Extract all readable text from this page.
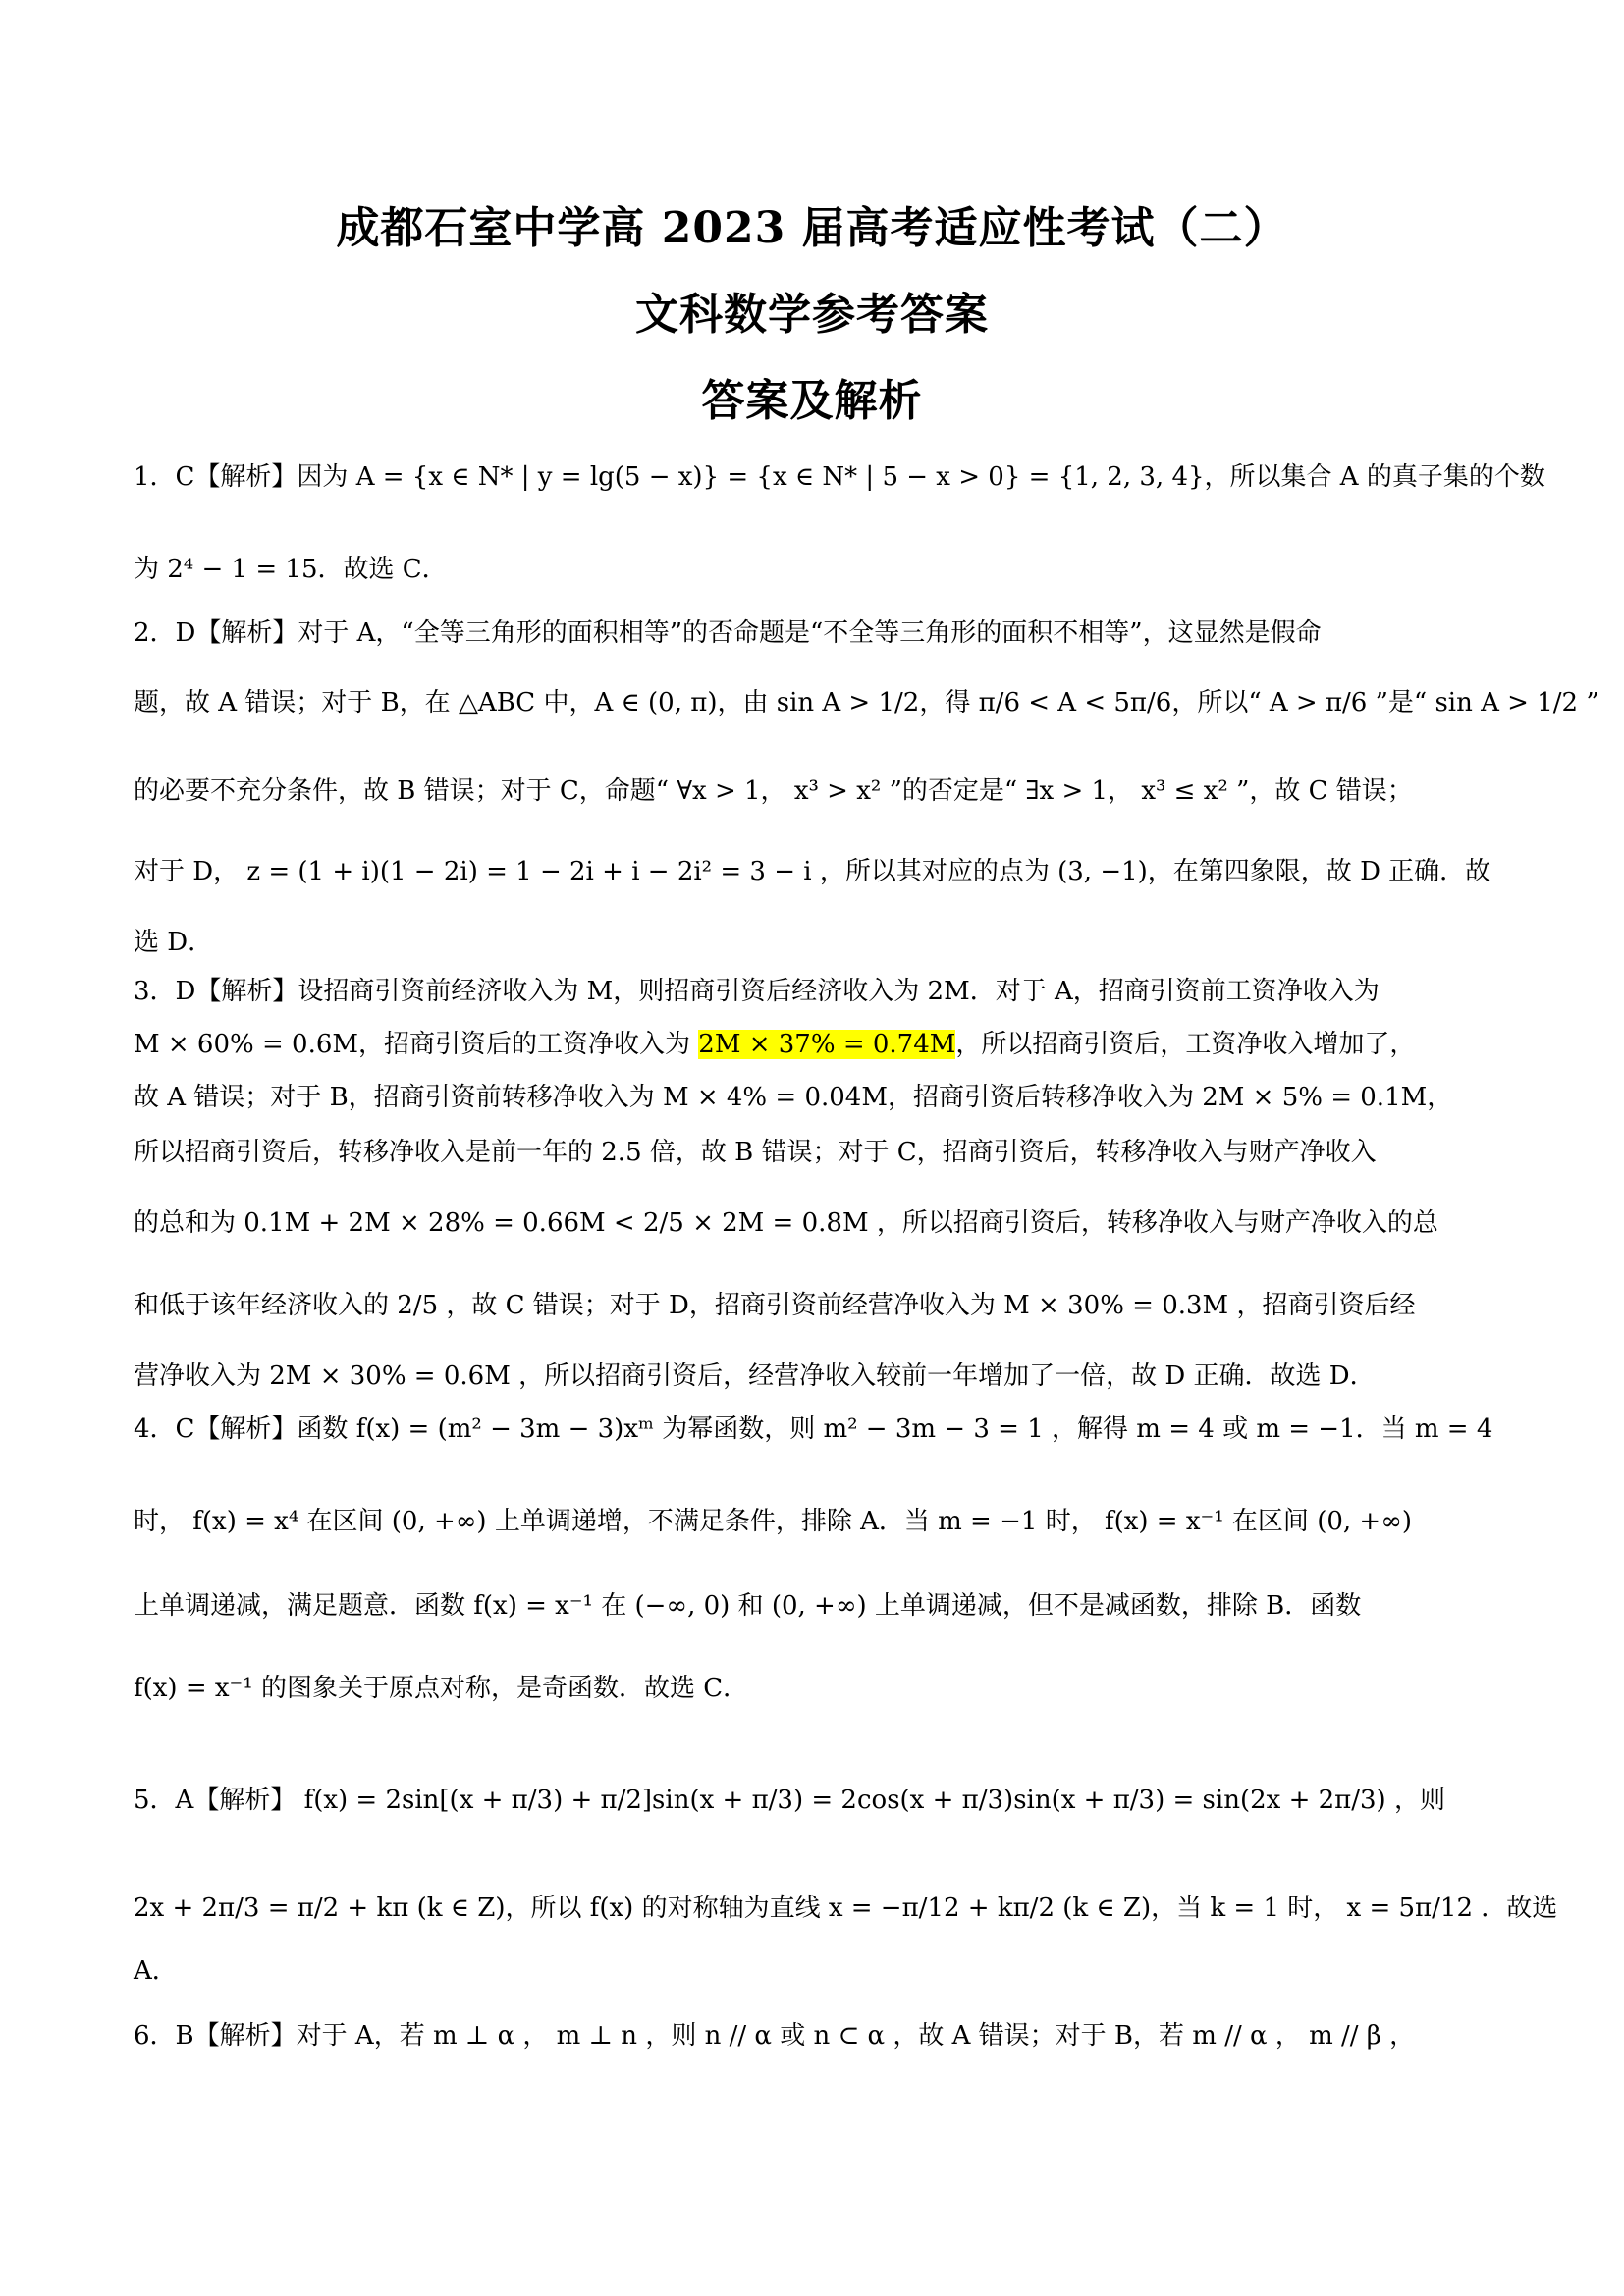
成都石室中学高 2023 届高考适应性考试（二）
文科数学参考答案
答案及解析
1．C【解析】因为 A = {x ∈ N* | y = lg(5 − x)} = {x ∈ N* | 5 − x > 0} = {1, 2, 3, 4}，所以集合 A 的真子集的个数
为 2⁴ − 1 = 15．故选 C．
2．D【解析】对于 A，“全等三角形的面积相等”的否命题是“不全等三角形的面积不相等”，这显然是假命
题，故 A 错误；对于 B，在 △ABC 中，A ∈ (0, π)，由 sin A > 1/2，得 π/6 < A < 5π/6，所以“ A > π/6 ”是“ sin A > 1/2 ”
的必要不充分条件，故 B 错误；对于 C，命题“ ∀x > 1， x³ > x² ”的否定是“ ∃x > 1， x³ ≤ x² ”，故 C 错误；
对于 D， z = (1 + i)(1 − 2i) = 1 − 2i + i − 2i² = 3 − i ，所以其对应的点为 (3, −1)，在第四象限，故 D 正确．故
选 D．
3．D【解析】设招商引资前经济收入为 M，则招商引资后经济收入为 2M．对于 A，招商引资前工资净收入为
M × 60% = 0.6M，招商引资后的工资净收入为 2M × 37% = 0.74M，所以招商引资后，工资净收入增加了，
故 A 错误；对于 B，招商引资前转移净收入为 M × 4% = 0.04M，招商引资后转移净收入为 2M × 5% = 0.1M，
所以招商引资后，转移净收入是前一年的 2.5 倍，故 B 错误；对于 C，招商引资后，转移净收入与财产净收入
的总和为 0.1M + 2M × 28% = 0.66M < 2/5 × 2M = 0.8M ，所以招商引资后，转移净收入与财产净收入的总
和低于该年经济收入的 2/5 ，故 C 错误；对于 D，招商引资前经营净收入为 M × 30% = 0.3M ，招商引资后经
营净收入为 2M × 30% = 0.6M ，所以招商引资后，经营净收入较前一年增加了一倍，故 D 正确．故选 D．
4．C【解析】函数 f(x) = (m² − 3m − 3)xᵐ 为幂函数，则 m² − 3m − 3 = 1 ，解得 m = 4 或 m = −1．当 m = 4
时， f(x) = x⁴ 在区间 (0, +∞) 上单调递增，不满足条件，排除 A．当 m = −1 时， f(x) = x⁻¹ 在区间 (0, +∞)
上单调递减，满足题意．函数 f(x) = x⁻¹ 在 (−∞, 0) 和 (0, +∞) 上单调递减，但不是减函数，排除 B．函数
f(x) = x⁻¹ 的图象关于原点对称，是奇函数．故选 C．
5．A【解析】 f(x) = 2sin[(x + π/3) + π/2]sin(x + π/3) = 2cos(x + π/3)sin(x + π/3) = sin(2x + 2π/3) ，则
2x + 2π/3 = π/2 + kπ (k ∈ Z)，所以 f(x) 的对称轴为直线 x = −π/12 + kπ/2 (k ∈ Z)，当 k = 1 时， x = 5π/12 ．故选
A．
6．B【解析】对于 A，若 m ⊥ α ， m ⊥ n ，则 n // α 或 n ⊂ α ，故 A 错误；对于 B，若 m // α ， m // β ，
